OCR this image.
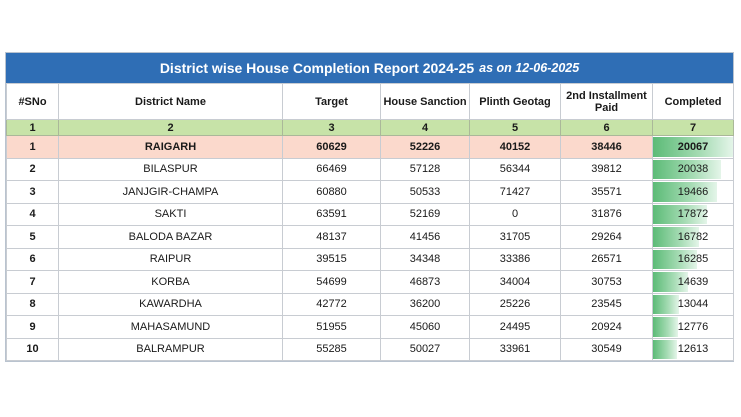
District wise House Completion Report 2024-25 as on 12-06-2025
#SNo	District Name	Target	House Sanction	Plinth Geotag	2nd Installment Paid	Completed
1	2	3	4	5	6	7
1	RAIGARH	60629	52226	40152	38446	20067
2	BILASPUR	66469	57128	56344	39812	20038
3	JANJGIR-CHAMPA	60880	50533	71427	35571	19466
4	SAKTI	63591	52169	0	31876	17872
5	BALODA BAZAR	48137	41456	31705	29264	16782
6	RAIPUR	39515	34348	33386	26571	16285
7	KORBA	54699	46873	34004	30753	14639
8	KAWARDHA	42772	36200	25226	23545	13044
9	MAHASAMUND	51955	45060	24495	20924	12776
10	BALRAMPUR	55285	50027	33961	30549	12613
